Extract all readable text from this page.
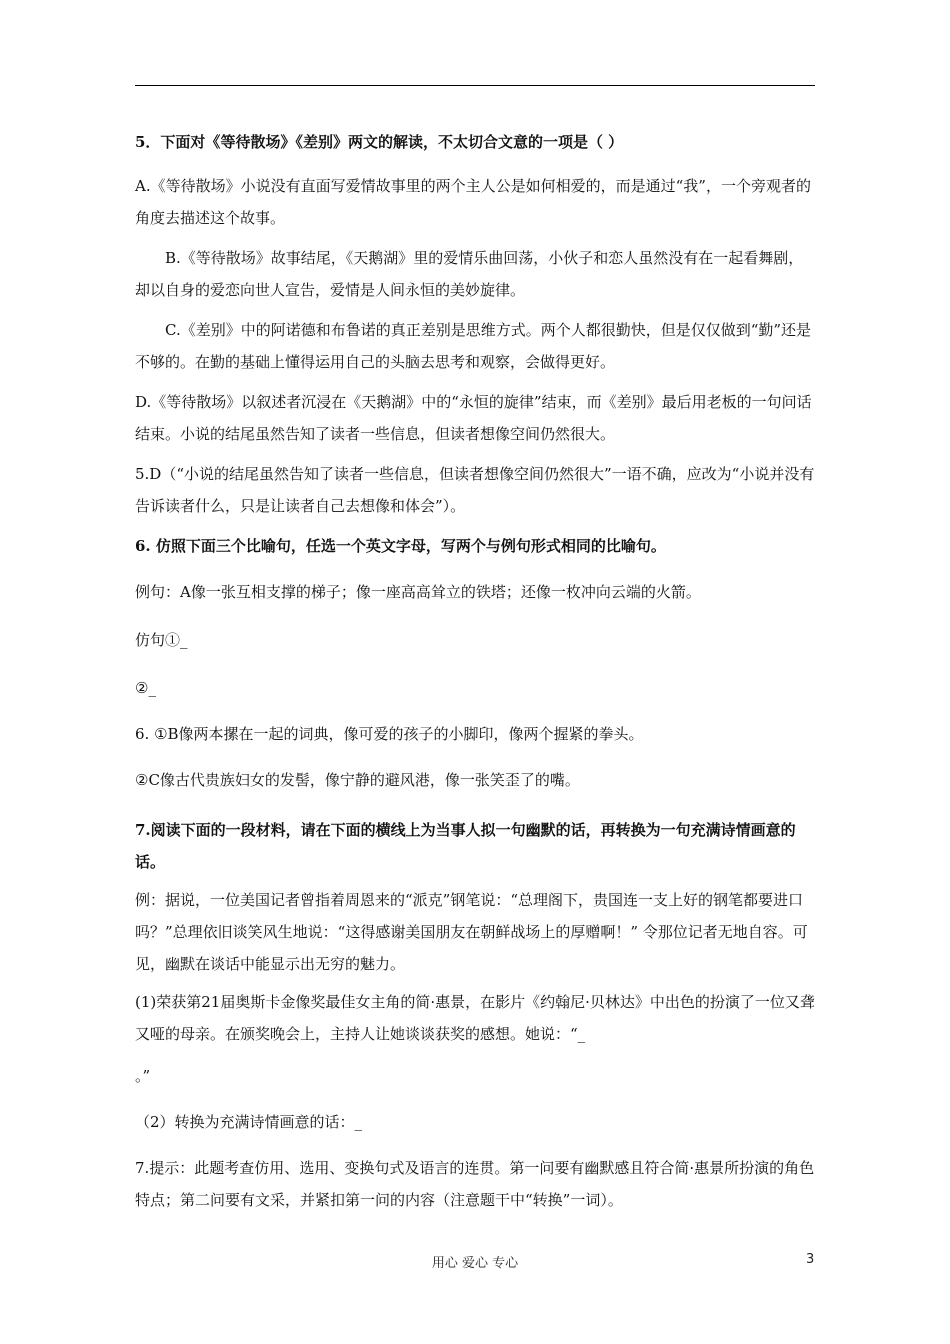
5．下面对《等待散场》《差别》两文的解读，不太切合文意的一项是（ ）

A.《等待散场》小说没有直面写爱情故事里的两个主人公是如何相爱的，而是通过“我”，一个旁观者的角度去描述这个故事。

B.《等待散场》故事结尾，《天鹅湖》里的爱情乐曲回荡，小伙子和恋人虽然没有在一起看舞剧，却以自身的爱恋向世人宣告，爱情是人间永恒的美妙旋律。

C.《差别》中的阿诺德和布鲁诺的真正差别是思维方式。两个人都很勤快，但是仅仅做到“勤”还是不够的。在勤的基础上懂得运用自己的头脑去思考和观察，会做得更好。

D.《等待散场》以叙述者沉浸在《天鹅湖》中的“永恒的旋律”结束，而《差别》最后用老板的一句问话结束。小说的结尾虽然告知了读者一些信息，但读者想像空间仍然很大。

5.D（“小说的结尾虽然告知了读者一些信息，但读者想像空间仍然很大”一语不确，应改为“小说并没有告诉读者什么，只是让读者自己去想像和体会”）。

6. 仿照下面三个比喻句，任选一个英文字母，写两个与例句形式相同的比喻句。

例句：A像一张互相支撑的梯子；像一座高高耸立的铁塔；还像一枚冲向云端的火箭。

仿句①_

②_

6. ①B像两本摞在一起的词典，像可爱的孩子的小脚印，像两个握紧的拳头。

②C像古代贵族妇女的发髻，像宁静的避风港，像一张笑歪了的嘴。

7.阅读下面的一段材料，请在下面的横线上为当事人拟一句幽默的话，再转换为一句充满诗情画意的话。

例：据说，一位美国记者曾指着周恩来的“派克”钢笔说：“总理阁下，贵国连一支上好的钢笔都要进口吗？”总理依旧谈笑风生地说：“这得感谢美国朋友在朝鲜战场上的厚赠啊！” 令那位记者无地自容。可见，幽默在谈话中能显示出无穷的魅力。

(1)荣获第21届奥斯卡金像奖最佳女主角的简·惠景，在影片《约翰尼·贝林达》中出色的扮演了一位又聋又哑的母亲。在颁奖晚会上，主持人让她谈谈获奖的感想。她说：“_

。”

（2）转换为充满诗情画意的话：_

7.提示：此题考查仿用、选用、变换句式及语言的连贯。第一问要有幽默感且符合简·惠景所扮演的角色特点；第二问要有文采，并紧扣第一问的内容（注意题干中“转换”一词）。

用心 爱心 专心	3
